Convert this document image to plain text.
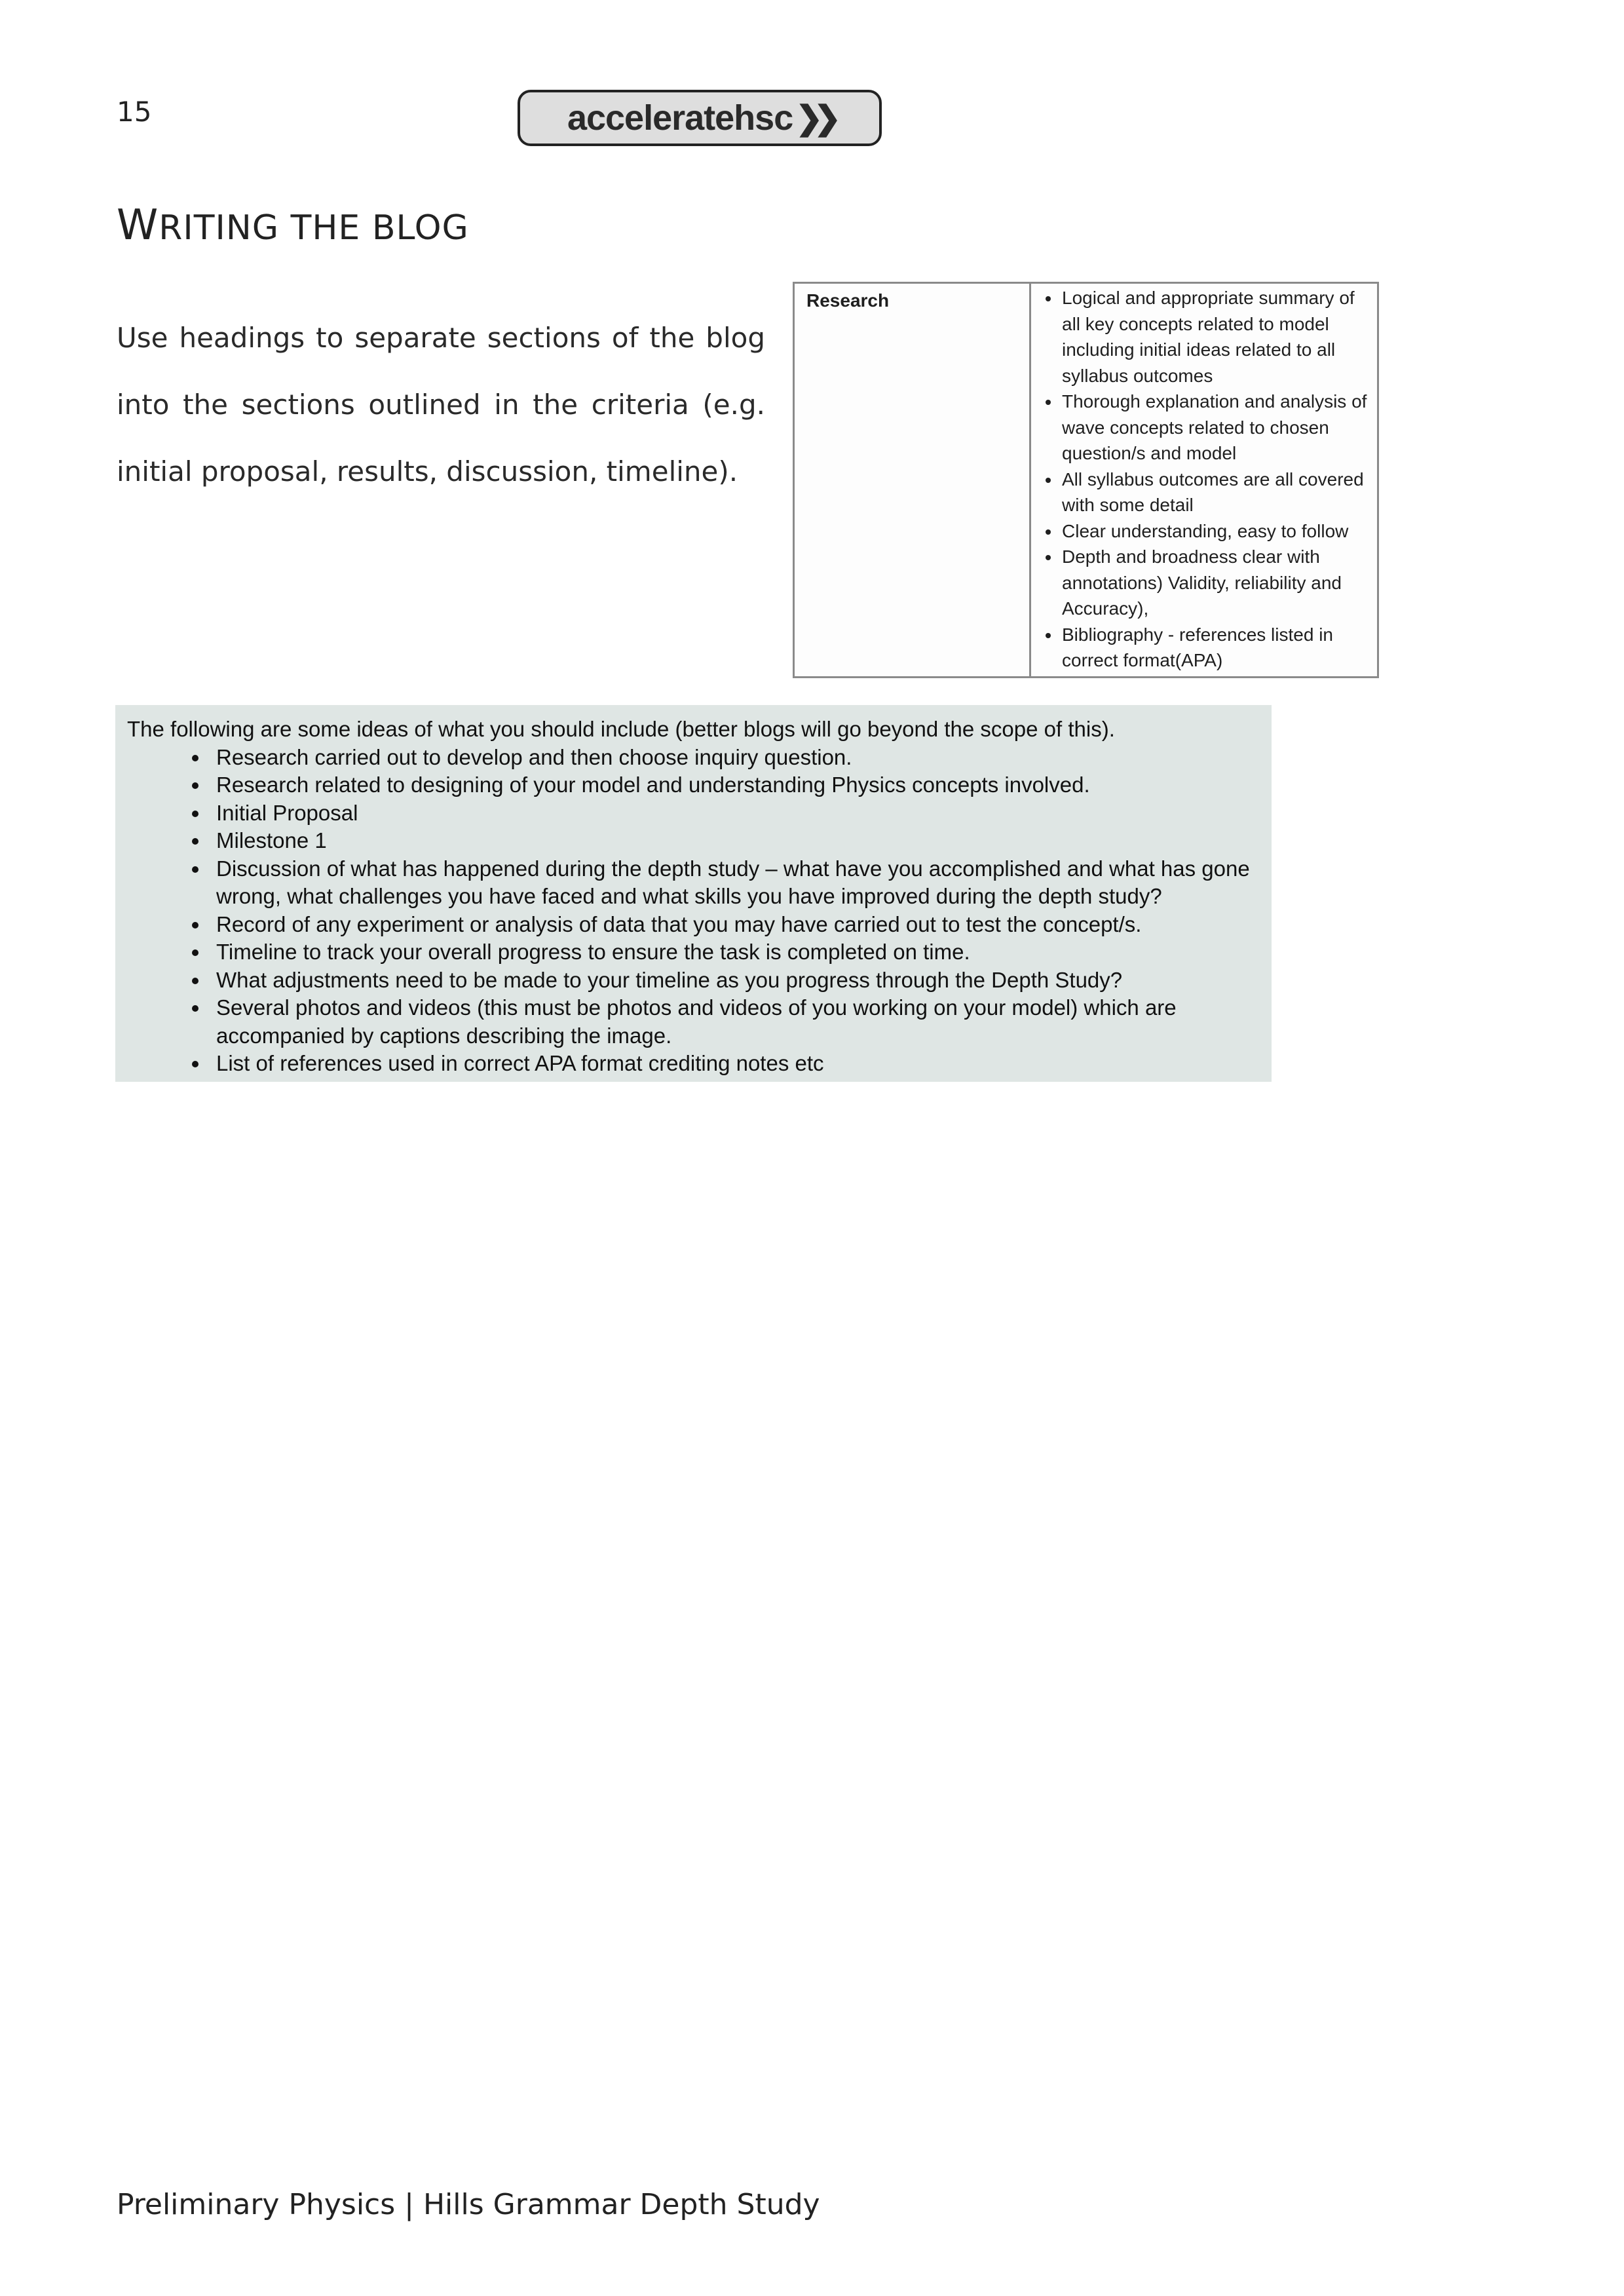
15	acceleratehsc ❯❯
WRITING THE BLOG
Use headings to separate sections of the blog into the sections outlined in the criteria (e.g. initial proposal, results, discussion, timeline).
Research	
•Logical and appropriate summary of all key concepts related to model including initial ideas related to all syllabus outcomes
• Thorough explanation and analysis of wave concepts related to chosen question/s and model
• All syllabus outcomes are all covered with some detail
• Clear understanding, easy to follow
• Depth and broadness clear with annotations) Validity, reliability and Accuracy),
• Bibliography - references listed in correct format(APA)
The following are some ideas of what you should include (better blogs will go beyond the scope of this).
• Research carried out to develop and then choose inquiry question.
• Research related to designing of your model and understanding Physics concepts involved.
• Initial Proposal
• Milestone 1
• Discussion of what has happened during the depth study – what have you accomplished and what has gone wrong, what challenges you have faced and what skills you have improved during the depth study?
• Record of any experiment or analysis of data that you may have carried out to test the concept/s.
• Timeline to track your overall progress to ensure the task is completed on time.
• What adjustments need to be made to your timeline as you progress through the Depth Study?
• Several photos and videos (this must be photos and videos of you working on your model) which are accompanied by captions describing the image.
• List of references used in correct APA format crediting notes etc
Preliminary Physics | Hills Grammar Depth Study
